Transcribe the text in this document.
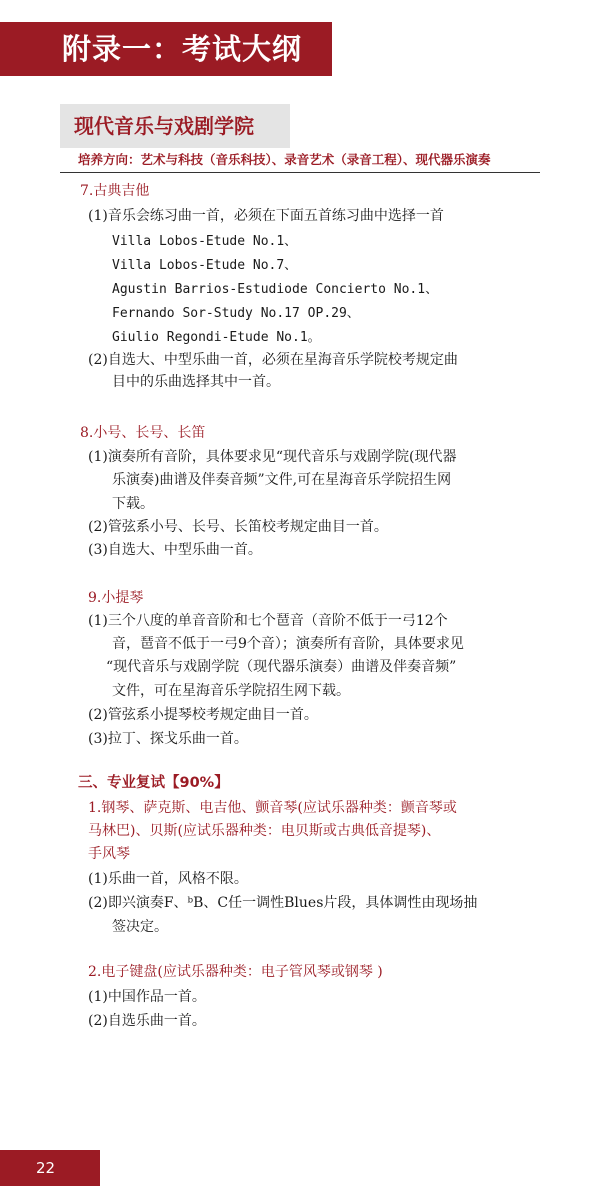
附录一：考试大纲
现代音乐与戏剧学院
培养方向：艺术与科技（音乐科技）、录音艺术（录音工程）、现代器乐演奏
7.古典吉他
(1)音乐会练习曲一首，必须在下面五首练习曲中选择一首
Villa Lobos-Etude No.1、
Villa Lobos-Etude No.7、
Agustin Barrios-Estudiode Concierto No.1、
Fernando Sor-Study No.17 OP.29、
Giulio Regondi-Etude No.1。
(2)自选大、中型乐曲一首，必须在星海音乐学院校考规定曲
目中的乐曲选择其中一首。
8.小号、长号、长笛
(1)演奏所有音阶，具体要求见“现代音乐与戏剧学院(现代器
乐演奏)曲谱及伴奏音频”文件,可在星海音乐学院招生网
下载。
(2)管弦系小号、长号、长笛校考规定曲目一首。
(3)自选大、中型乐曲一首。
9.小提琴
(1)三个八度的单音音阶和七个琶音（音阶不低于一弓12个
音，琶音不低于一弓9个音）；演奏所有音阶，具体要求见
“现代音乐与戏剧学院（现代器乐演奏）曲谱及伴奏音频”
文件，可在星海音乐学院招生网下载。
(2)管弦系小提琴校考规定曲目一首。
(3)拉丁、探戈乐曲一首。
三、专业复试【90%】
1.钢琴、萨克斯、电吉他、颤音琴(应试乐器种类：颤音琴或
马林巴)、贝斯(应试乐器种类：电贝斯或古典低音提琴)、
手风琴
(1)乐曲一首，风格不限。
(2)即兴演奏F、ᵇB、C任一调性Blues片段，具体调性由现场抽
签决定。
2.电子键盘(应试乐器种类：电子管风琴或钢琴 )
(1)中国作品一首。
(2)自选乐曲一首。
22
